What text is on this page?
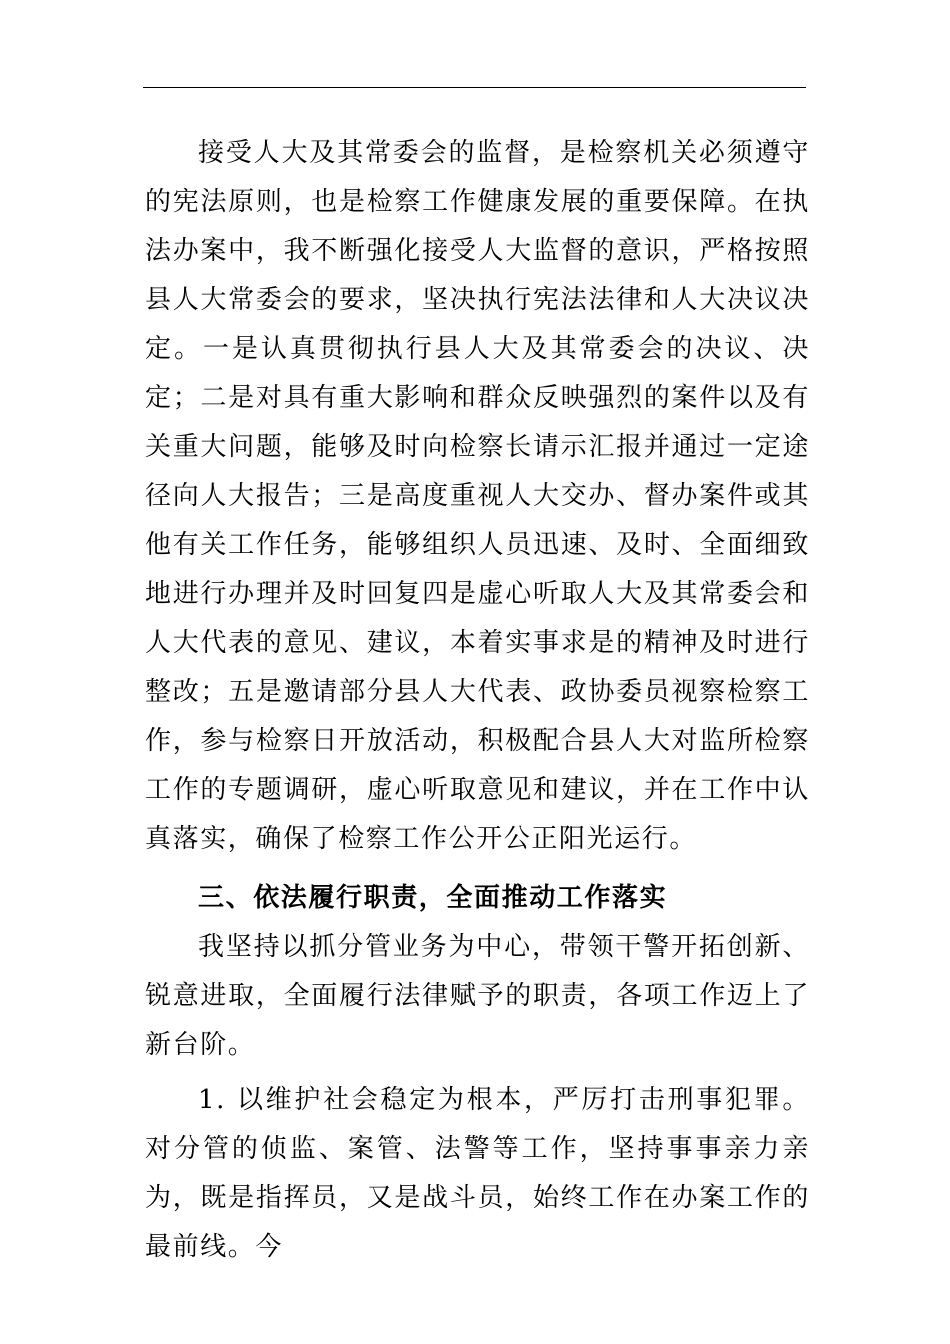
接受人大及其常委会的监督，是检察机关必须遵守的宪法原则，也是检察工作健康发展的重要保障。在执法办案中，我不断强化接受人大监督的意识，严格按照县人大常委会的要求，坚决执行宪法法律和人大决议决定。一是认真贯彻执行县人大及其常委会的决议、决定；二是对具有重大影响和群众反映强烈的案件以及有关重大问题，能够及时向检察长请示汇报并通过一定途径向人大报告；三是高度重视人大交办、督办案件或其他有关工作任务，能够组织人员迅速、及时、全面细致地进行办理并及时回复四是虚心听取人大及其常委会和人大代表的意见、建议，本着实事求是的精神及时进行整改；五是邀请部分县人大代表、政协委员视察检察工作，参与检察日开放活动，积极配合县人大对监所检察工作的专题调研，虚心听取意见和建议，并在工作中认真落实，确保了检察工作公开公正阳光运行。

三、依法履行职责，全面推动工作落实

我坚持以抓分管业务为中心，带领干警开拓创新、锐意进取，全面履行法律赋予的职责，各项工作迈上了新台阶。

1. 以维护社会稳定为根本，严厉打击刑事犯罪。对分管的侦监、案管、法警等工作，坚持事事亲力亲为，既是指挥员，又是战斗员，始终工作在办案工作的最前线。今
